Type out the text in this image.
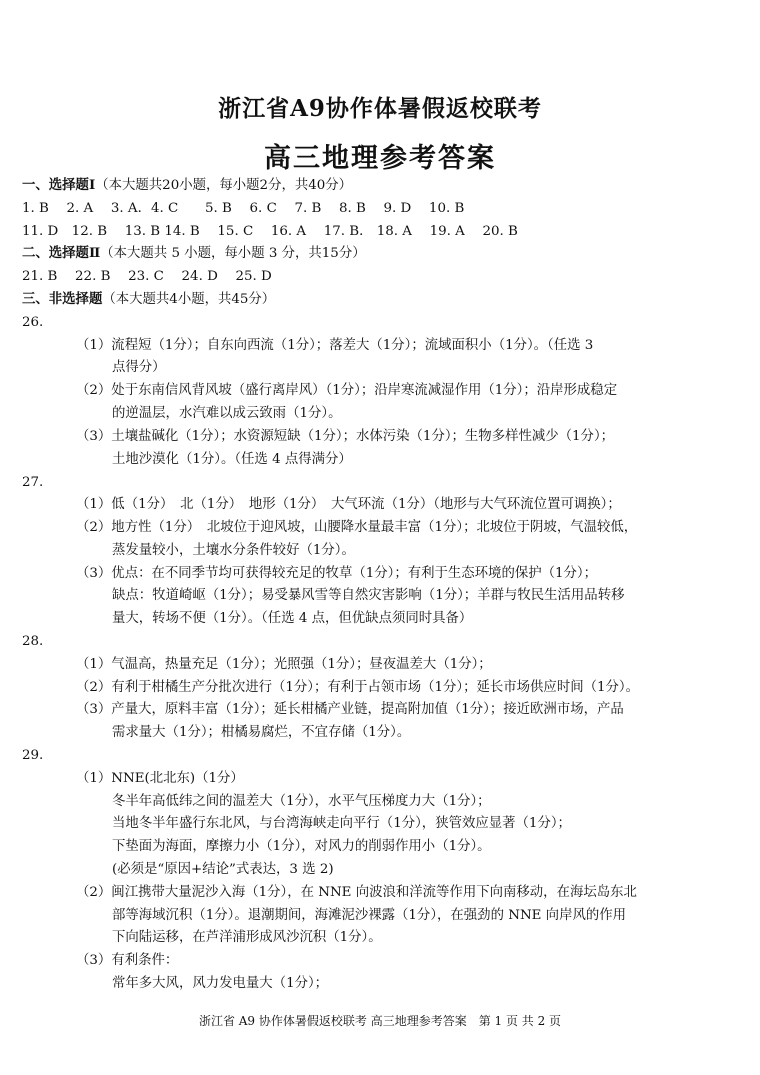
浙江省A9协作体暑假返校联考
高三地理参考答案
一、选择题Ⅰ（本大题共20小题，每小题2分，共40分）
1. B　 2. A　 3. A．4. C　　5. B　 6. C　 7. B　 8. B　 9. D　 10. B
11. D　12. B　 13. B 14. B　 15. C　 16. A　 17. B． 18. A　 19. A　 20. B
二、选择题Ⅱ（本大题共 5 小题，每小题 3 分，共15分）
21. B　 22. B　 23. C　 24. D　 25. D
三、非选择题（本大题共4小题，共45分）
26.
（1）流程短（1分）；自东向西流（1分）；落差大（1分）；流域面积小（1分）。（任选 3
点得分）
（2）处于东南信风背风坡（盛行离岸风）（1分）；沿岸寒流减湿作用（1分）；沿岸形成稳定
的逆温层，水汽难以成云致雨（1分）。
（3）土壤盐碱化（1分）；水资源短缺（1分）；水体污染（1分）；生物多样性减少（1分）；
土地沙漠化（1分）。（任选 4 点得满分）
27.
（1）低（1分）　北（1分）　地形（1分）　大气环流（1分）（地形与大气环流位置可调换）；
（2）地方性（1分）　北坡位于迎风坡，山腰降水量最丰富（1分）；北坡位于阴坡，气温较低，
蒸发量较小，土壤水分条件较好（1分）。
（3）优点：在不同季节均可获得较充足的牧草（1分）；有利于生态环境的保护（1分）；
缺点：牧道崎岖（1分）；易受暴风雪等自然灾害影响（1分）；羊群与牧民生活用品转移
量大，转场不便（1分）。（任选 4 点，但优缺点须同时具备）
28.
（1）气温高，热量充足（1分）；光照强（1分）；昼夜温差大（1分）；
（2）有利于柑橘生产分批次进行（1分）；有利于占领市场（1分）；延长市场供应时间（1分）。
（3）产量大，原料丰富（1分）；延长柑橘产业链，提高附加值（1分）；接近欧洲市场，产品
需求量大（1分）；柑橘易腐烂，不宜存储（1分）。
29.
（1）NNE(北北东)（1分）
冬半年高低纬之间的温差大（1分），水平气压梯度力大（1分）；
当地冬半年盛行东北风，与台湾海峡走向平行（1分），狭管效应显著（1分）；
下垫面为海面，摩擦力小（1分），对风力的削弱作用小（1分）。
(必须是“原因+结论”式表达，3 选 2)
（2）闽江携带大量泥沙入海（1分），在 NNE 向波浪和洋流等作用下向南移动，在海坛岛东北
部等海域沉积（1分）。退潮期间，海滩泥沙裸露（1分），在强劲的 NNE 向岸风的作用
下向陆运移，在芦洋浦形成风沙沉积（1分）。
（3）有利条件：
常年多大风，风力发电量大（1分）；
浙江省 A9 协作体暑假返校联考 高三地理参考答案　第 1 页 共 2 页
